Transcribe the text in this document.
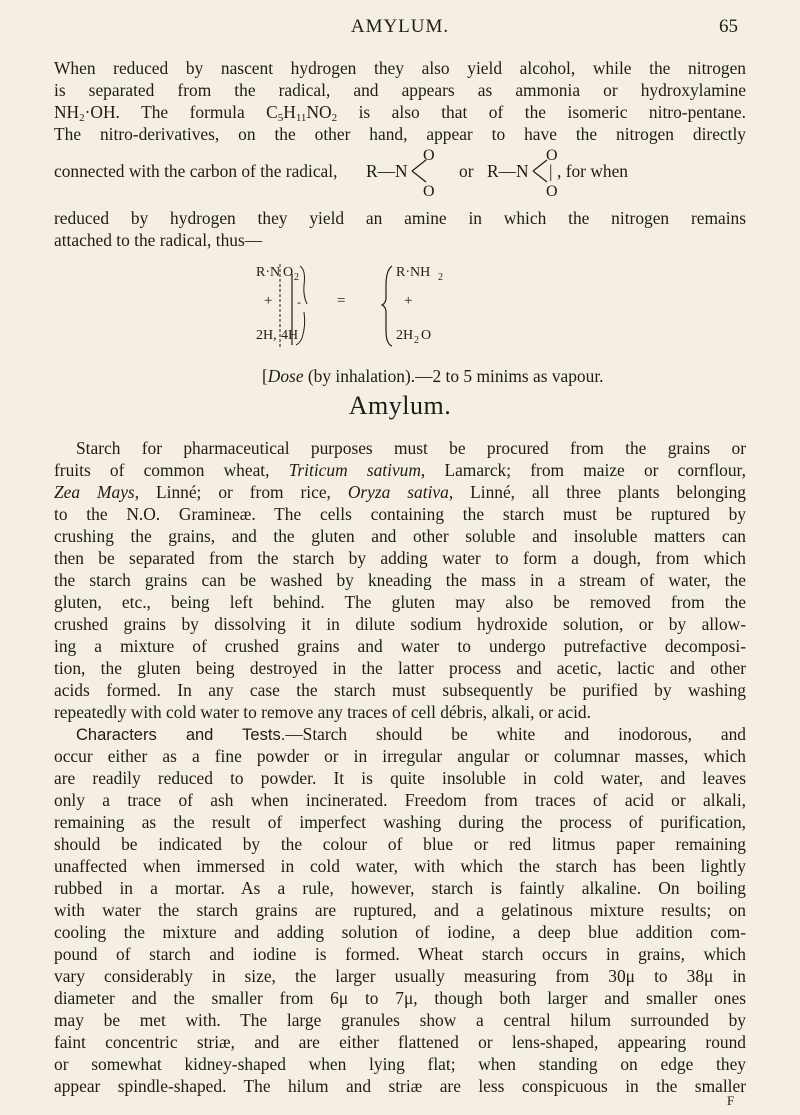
AMYLUM.	65
When reduced by nascent hydrogen they also yield alcohol, while the nitrogen
is separated from the radical, and appears as ammonia or hydroxylamine
$NH_2\cdot OH$. The formula $C_5H_{11}NO_2$ is also that of the isomeric nitro-pentane.
The nitro-derivatives, on the other hand, appear to have the nitrogen directly
connected with the carbon of the radical, R—N
O
O
or R—N
O
O
| , for when
R·N O 2
+ - =
2H, 4H
R·NH 2
+
2H 2 O
reduced by hydrogen they yield an amine in which the nitrogen remains
attached to the radical, thus—
[Dose (by inhalation).—2 to 5 minims as vapour.
Amylum.
Starch for pharmaceutical purposes must be procured from the grains or
fruits of common wheat, Triticum sativum, Lamarck; from maize or cornflour,
Zea Mays, Linné; or from rice, Oryza sativa, Linné, all three plants belonging
to the N.O. Gramineæ. The cells containing the starch must be ruptured by
crushing the grains, and the gluten and other soluble and insoluble matters can
then be separated from the starch by adding water to form a dough, from which
the starch grains can be washed by kneading the mass in a stream of water, the
gluten, etc., being left behind. The gluten may also be removed from the
crushed grains by dissolving it in dilute sodium hydroxide solution, or by allow-
ing a mixture of crushed grains and water to undergo putrefactive decomposi-
tion, the gluten being destroyed in the latter process and acetic, lactic and other
acids formed. In any case the starch must subsequently be purified by washing
repeatedly with cold water to remove any traces of cell débris, alkali, or acid.
Characters and Tests.—Starch should be white and inodorous, and
occur either as a fine powder or in irregular angular or columnar masses, which
are readily reduced to powder. It is quite insoluble in cold water, and leaves
only a trace of ash when incinerated. Freedom from traces of acid or alkali,
remaining as the result of imperfect washing during the process of purification,
should be indicated by the colour of blue or red litmus paper remaining
unaffected when immersed in cold water, with which the starch has been lightly
rubbed in a mortar. As a rule, however, starch is faintly alkaline. On boiling
with water the starch grains are ruptured, and a gelatinous mixture results; on
cooling the mixture and adding solution of iodine, a deep blue addition com-
pound of starch and iodine is formed. Wheat starch occurs in grains, which
vary considerably in size, the larger usually measuring from 30μ to 38μ in
diameter and the smaller from 6μ to 7μ, though both larger and smaller ones
may be met with. The large granules show a central hilum surrounded by
faint concentric striæ, and are either flattened or lens-shaped, appearing round
or somewhat kidney-shaped when lying flat; when standing on edge they
appear spindle-shaped. The hilum and striæ are less conspicuous in the smaller
F
